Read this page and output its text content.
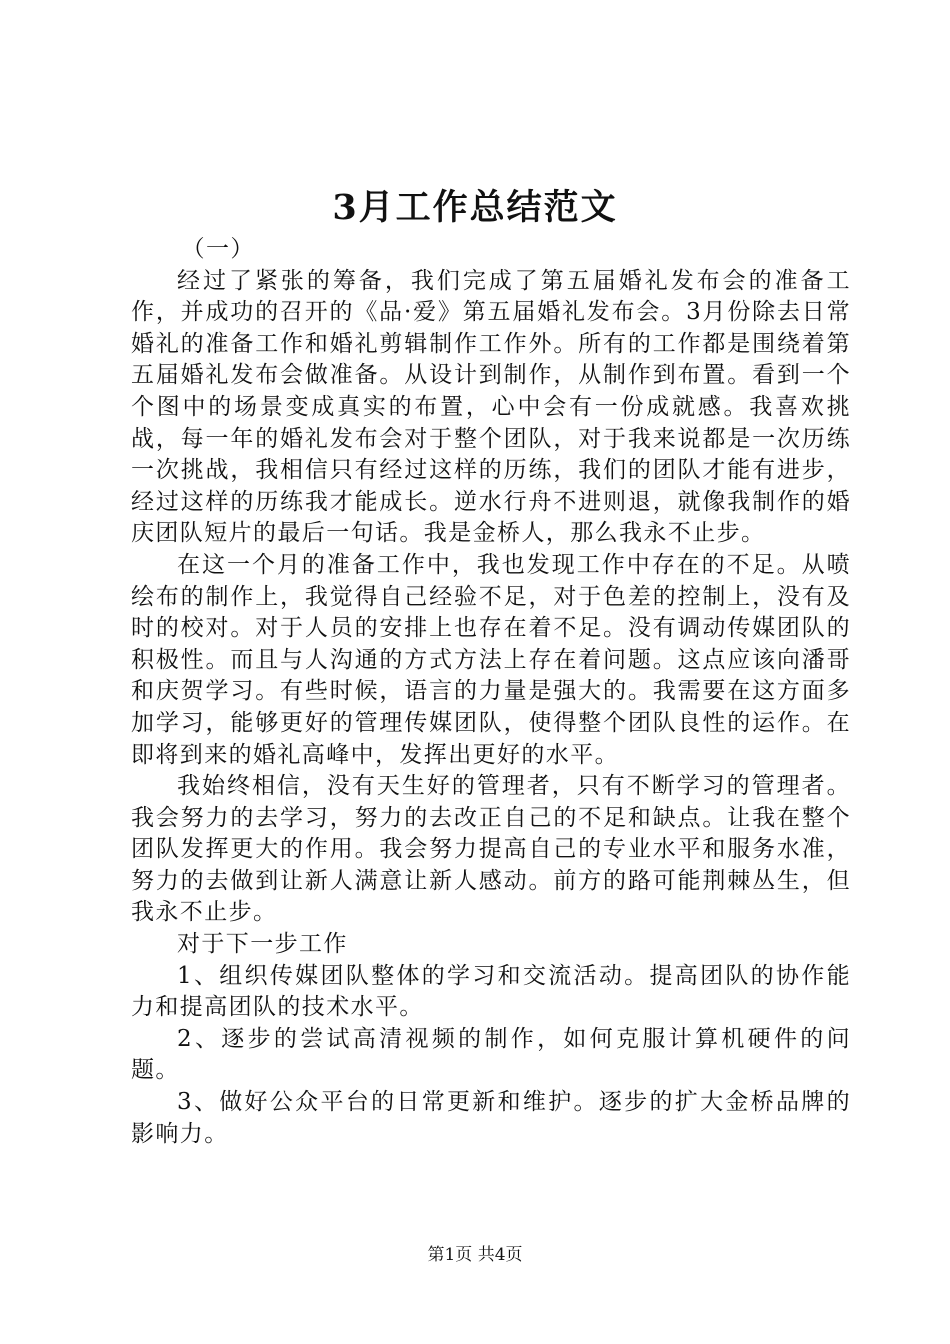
3月工作总结范文

（一）

经过了紧张的筹备，我们完成了第五届婚礼发布会的准备工作，并成功的召开的《品·爱》第五届婚礼发布会。3月份除去日常婚礼的准备工作和婚礼剪辑制作工作外。所有的工作都是围绕着第五届婚礼发布会做准备。从设计到制作，从制作到布置。看到一个个图中的场景变成真实的布置，心中会有一份成就感。我喜欢挑战，每一年的婚礼发布会对于整个团队，对于我来说都是一次历练一次挑战，我相信只有经过这样的历练，我们的团队才能有进步，经过这样的历练我才能成长。逆水行舟不进则退，就像我制作的婚庆团队短片的最后一句话。我是金桥人，那么我永不止步。

在这一个月的准备工作中，我也发现工作中存在的不足。从喷绘布的制作上，我觉得自己经验不足，对于色差的控制上，没有及时的校对。对于人员的安排上也存在着不足。没有调动传媒团队的积极性。而且与人沟通的方式方法上存在着问题。这点应该向潘哥和庆贺学习。有些时候，语言的力量是强大的。我需要在这方面多加学习，能够更好的管理传媒团队，使得整个团队良性的运作。在即将到来的婚礼高峰中，发挥出更好的水平。

我始终相信，没有天生好的管理者，只有不断学习的管理者。我会努力的去学习，努力的去改正自己的不足和缺点。让我在整个团队发挥更大的作用。我会努力提高自己的专业水平和服务水准，努力的去做到让新人满意让新人感动。前方的路可能荆棘丛生，但我永不止步。

对于下一步工作

1、组织传媒团队整体的学习和交流活动。提高团队的协作能力和提高团队的技术水平。

2、逐步的尝试高清视频的制作，如何克服计算机硬件的问题。

3、做好公众平台的日常更新和维护。逐步的扩大金桥品牌的影响力。

第1页 共4页
